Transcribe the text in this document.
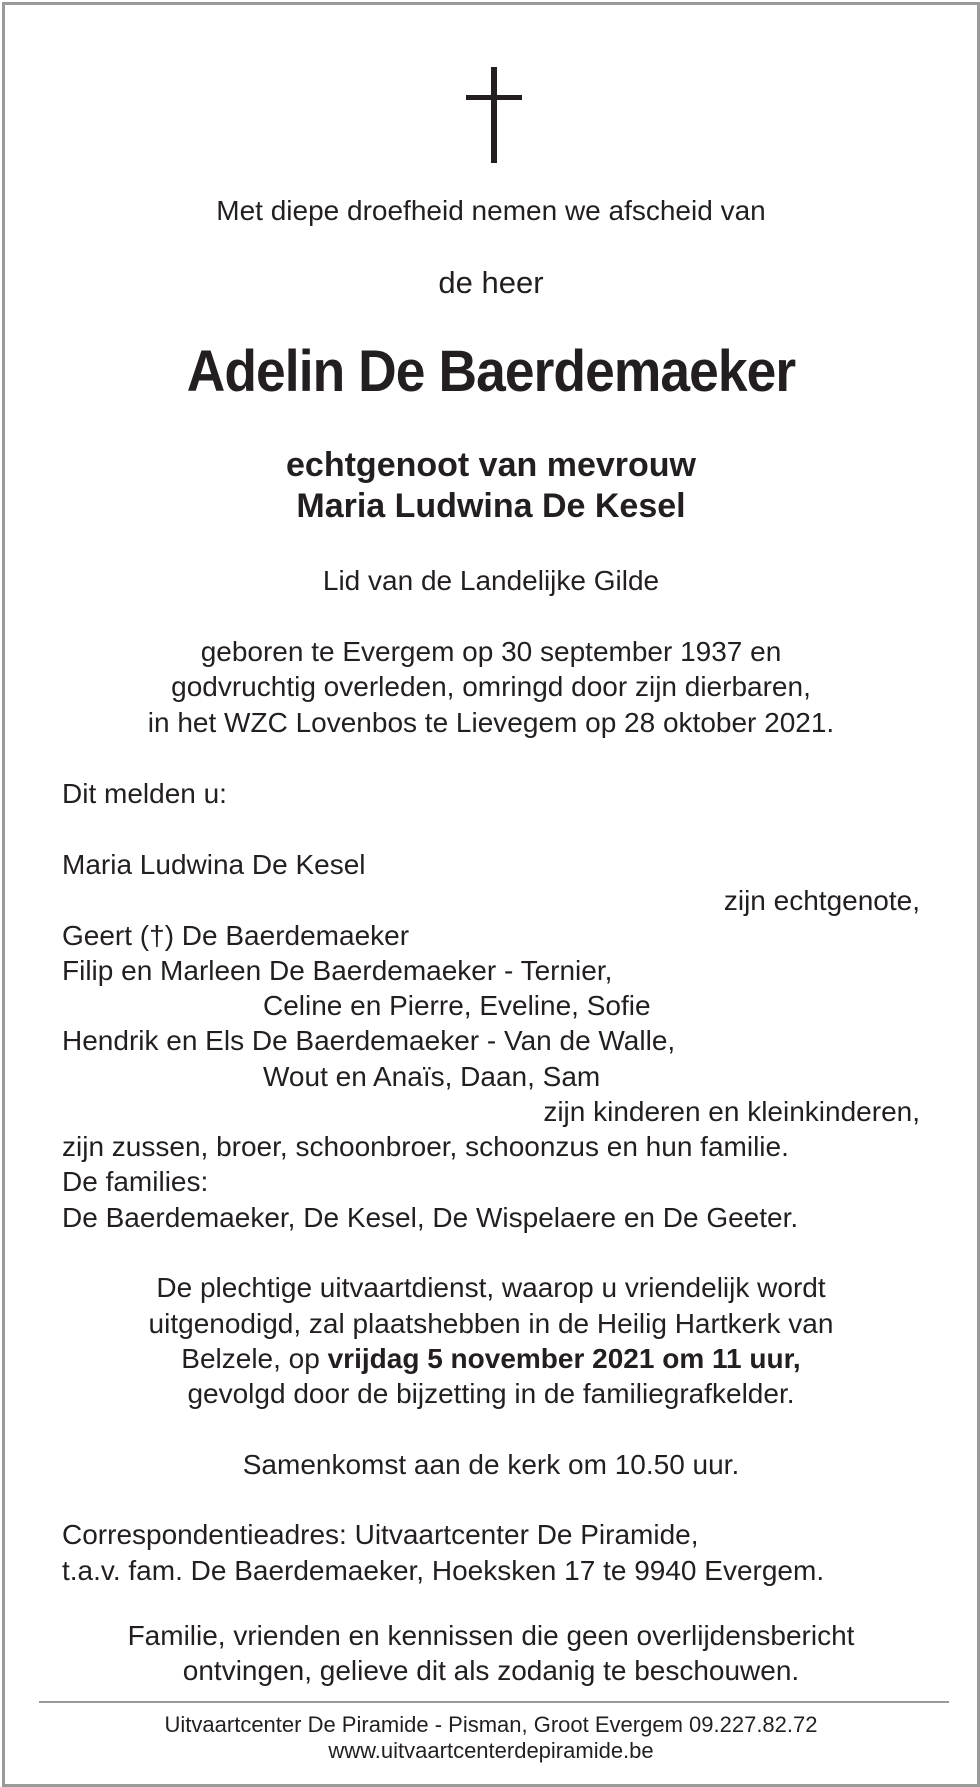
Met diepe droefheid nemen we afscheid van
de heer
Adelin De Baerdemaeker
echtgenoot van mevrouw
Maria Ludwina De Kesel
Lid van de Landelijke Gilde
geboren te Evergem op 30 september 1937 en
godvruchtig overleden, omringd door zijn dierbaren,
in het WZC Lovenbos te Lievegem op 28 oktober 2021.
Dit melden u:
Maria Ludwina De Kesel
zijn echtgenote,
Geert (†) De Baerdemaeker
Filip en Marleen De Baerdemaeker - Ternier,
Celine en Pierre, Eveline, Sofie
Hendrik en Els De Baerdemaeker - Van de Walle,
Wout en Anaïs, Daan, Sam
zijn kinderen en kleinkinderen,
zijn zussen, broer, schoonbroer, schoonzus en hun familie.
De families:
De Baerdemaeker, De Kesel, De Wispelaere en De Geeter.
De plechtige uitvaartdienst, waarop u vriendelijk wordt
uitgenodigd, zal plaatshebben in de Heilig Hartkerk van
Belzele, op vrijdag 5 november 2021 om 11 uur,
gevolgd door de bijzetting in de familiegrafkelder.
Samenkomst aan de kerk om 10.50 uur.
Correspondentieadres: Uitvaartcenter De Piramide,
t.a.v. fam. De Baerdemaeker, Hoeksken 17 te 9940 Evergem.
Familie, vrienden en kennissen die geen overlijdensbericht
ontvingen, gelieve dit als zodanig te beschouwen.
Uitvaartcenter De Piramide - Pisman, Groot Evergem 09.227.82.72
www.uitvaartcenterdepiramide.be
